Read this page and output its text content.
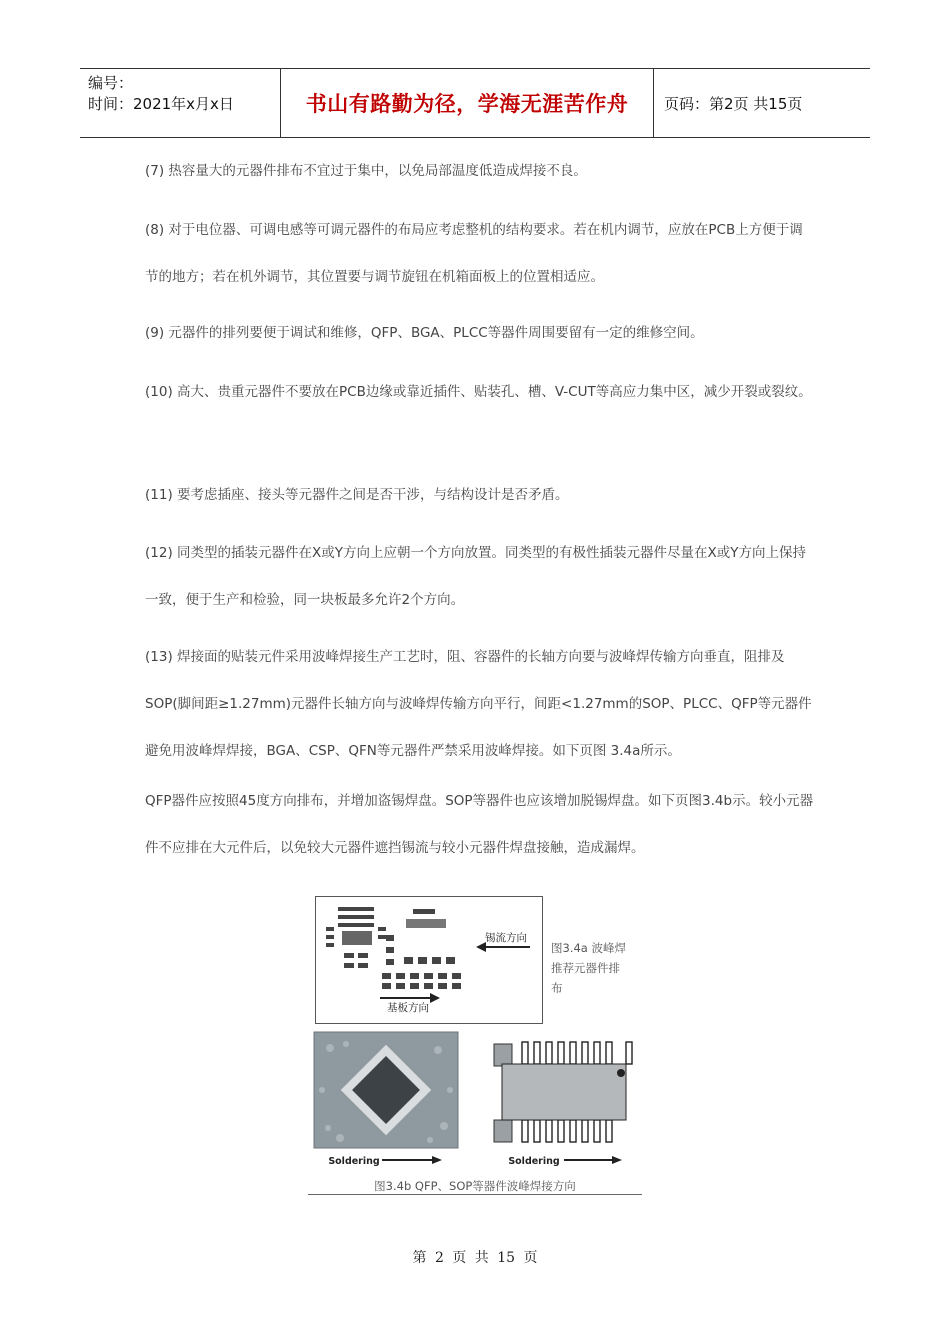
编号：
时间：2021年x月x日	书山有路勤为径，学海无涯苦作舟	页码：第2页 共15页

(7) 热容量大的元器件排布不宜过于集中，以免局部温度低造成焊接不良。

(8) 对于电位器、可调电感等可调元器件的布局应考虑整机的结构要求。若在机内调节，应放在PCB上方便于调节的地方；若在机外调节，其位置要与调节旋钮在机箱面板上的位置相适应。

(9) 元器件的排列要便于调试和维修，QFP、BGA、PLCC等器件周围要留有一定的维修空间。

(10) 高大、贵重元器件不要放在PCB边缘或靠近插件、贴装孔、槽、V-CUT等高应力集中区，减少开裂或裂纹。

(11) 要考虑插座、接头等元器件之间是否干涉，与结构设计是否矛盾。

(12) 同类型的插装元器件在X或Y方向上应朝一个方向放置。同类型的有极性插装元器件尽量在X或Y方向上保持一致，便于生产和检验，同一块板最多允许2个方向。

(13) 焊接面的贴装元件采用波峰焊接生产工艺时，阻、容器件的长轴方向要与波峰焊传输方向垂直，阻排及SOP(脚间距≥1.27mm)元器件长轴方向与波峰焊传输方向平行，间距<1.27mm的SOP、PLCC、QFP等元器件避免用波峰焊焊接，BGA、CSP、QFN等元器件严禁采用波峰焊接。如下页图 3.4a所示。

QFP器件应按照45度方向排布，并增加盗锡焊盘。SOP等器件也应该增加脱锡焊盘。如下页图3.4b示。较小元器件不应排在大元件后，以免较大元器件遮挡锡流与较小元器件焊盘接触，造成漏焊。

锡流方向
基板方向
图3.4a 波峰焊推荐元器件排布
Soldering	Soldering
图3.4b QFP、SOP等器件波峰焊接方向
第 2 页 共 15 页
